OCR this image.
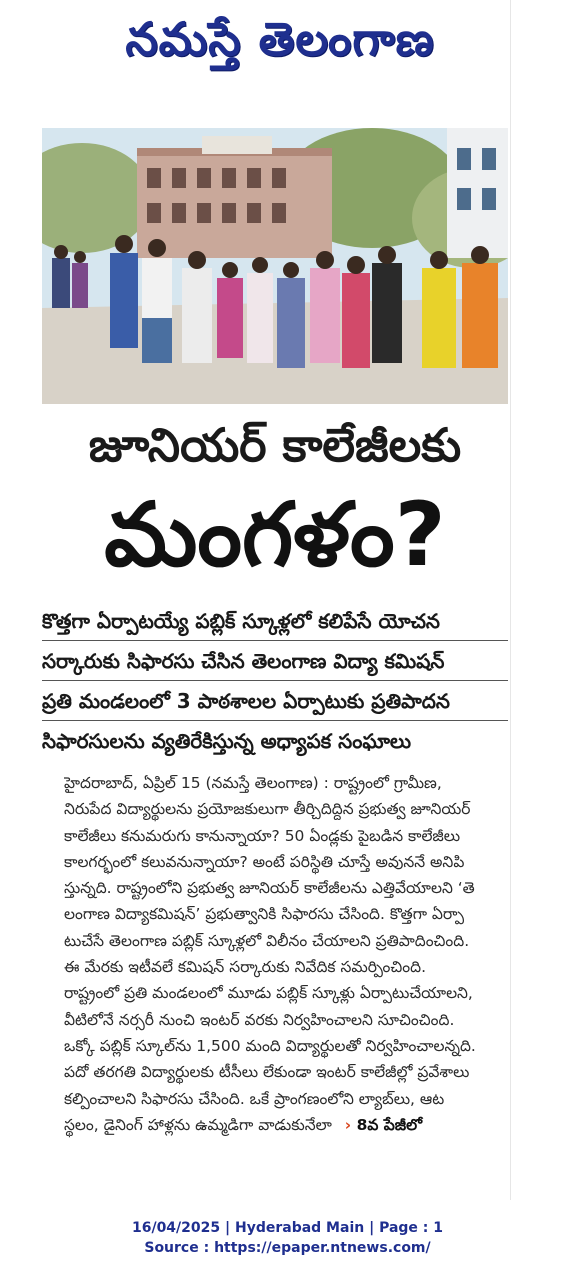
నమస్తే తెలంగాణ
జూనియర్ కాలేజీలకు
మంగళం?
కొత్తగా ఏర్పాటయ్యే పబ్లిక్ స్కూళ్లలో కలిపేసే యోచన
సర్కారుకు సిఫారసు చేసిన తెలంగాణ విద్యా కమిషన్
ప్రతి మండలంలో 3 పాఠశాలల ఏర్పాటుకు ప్రతిపాదన
సిఫారసులను వ్యతిరేకిస్తున్న అధ్యాపక సంఘాలు
హైదరాబాద్, ఏప్రిల్ 15 (నమస్తే తెలంగాణ) : రాష్ట్రంలో గ్రామీణ,
నిరుపేద విద్యార్థులను ప్రయోజకులుగా తీర్చిదిద్దిన ప్రభుత్వ జూనియర్
కాలేజీలు కనుమరుగు కానున్నాయా? 50 ఏండ్లకు పైబడిన కాలేజీలు
కాలగర్భంలో కలువనున్నాయా? అంటే పరిస్థితి చూస్తే అవుననే అనిపి
స్తున్నది. రాష్ట్రంలోని ప్రభుత్వ జూనియర్ కాలేజీలను ఎత్తివేయాలని ‘తె
లంగాణ విద్యాకమిషన్’ ప్రభుత్వానికి సిఫారసు చేసింది. కొత్తగా ఏర్పా
టుచేసే తెలంగాణ పబ్లిక్ స్కూళ్లలో విలీనం చేయాలని ప్రతిపాదించింది.
ఈ మేరకు ఇటీవలే కమిషన్ సర్కారుకు నివేదిక సమర్పించింది.
రాష్ట్రంలో ప్రతి మండలంలో మూడు పబ్లిక్ స్కూళ్లు ఏర్పాటుచేయాలని,
వీటిలోనే నర్సరీ నుంచి ఇంటర్ వరకు నిర్వహించాలని సూచించింది.
ఒక్కో పబ్లిక్ స్కూల్‌ను 1,500 మంది విద్యార్థులతో నిర్వహించాలన్నది.
పదో తరగతి విద్యార్థులకు టీసీలు లేకుండా ఇంటర్ కాలేజీల్లో ప్రవేశాలు
కల్పించాలని సిఫారసు చేసింది. ఒకే ప్రాంగణంలోని ల్యాబ్‌లు, ఆట
స్థలం, డైనింగ్ హాళ్లను ఉమ్మడిగా వాడుకునేలా › 8వ పేజీలో
16/04/2025 | Hyderabad Main | Page : 1
Source : https://epaper.ntnews.com/
